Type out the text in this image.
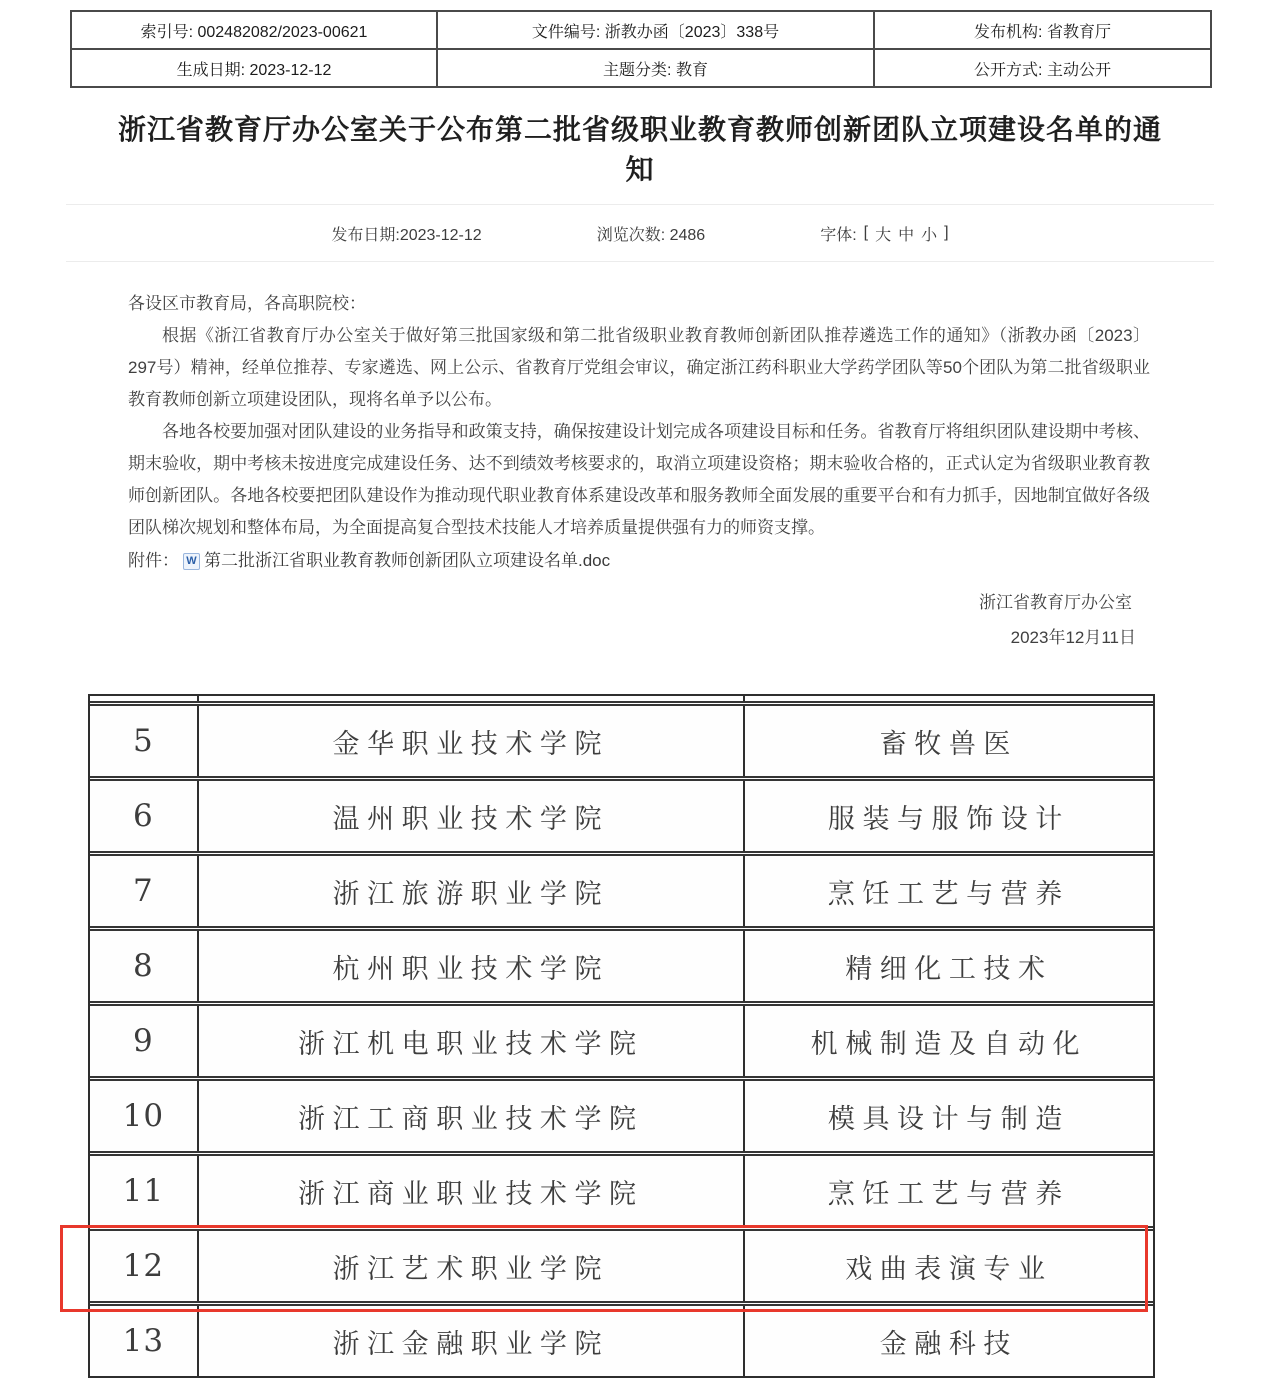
索引号: 002482082/2023-00621	文件编号: 浙教办函〔2023〕338号	发布机构: 省教育厅
生成日期: 2023-12-12	主题分类: 教育	公开方式: 主动公开
浙江省教育厅办公室关于公布第二批省级职业教育教师创新团队立项建设名单的通知
发布日期:2023-12-12	浏览次数: 2486	字体: [ 大 中 小 ]

各设区市教育局，各高职院校：

根据《浙江省教育厅办公室关于做好第三批国家级和第二批省级职业教育教师创新团队推荐遴选工作的通知》（浙教办函〔2023〕297号）精神，经单位推荐、专家遴选、网上公示、省教育厅党组会审议，确定浙江药科职业大学药学团队等50个团队为第二批省级职业教育教师创新立项建设团队，现将名单予以公布。

各地各校要加强对团队建设的业务指导和政策支持，确保按建设计划完成各项建设目标和任务。省教育厅将组织团队建设期中考核、期末验收，期中考核未按进度完成建设任务、达不到绩效考核要求的，取消立项建设资格；期末验收合格的，正式认定为省级职业教育教师创新团队。各地各校要把团队建设作为推动现代职业教育体系建设改革和服务教师全面发展的重要平台和有力抓手，因地制宜做好各级团队梯次规划和整体布局，为全面提高复合型技术技能人才培养质量提供强有力的师资支撑。

附件： W 第二批浙江省职业教育教师创新团队立项建设名单.doc

浙江省教育厅办公室
2023年12月11日
5	金华职业技术学院	畜牧兽医
6	温州职业技术学院	服装与服饰设计
7	浙江旅游职业学院	烹饪工艺与营养
8	杭州职业技术学院	精细化工技术
9	浙江机电职业技术学院	机械制造及自动化
10	浙江工商职业技术学院	模具设计与制造
11	浙江商业职业技术学院	烹饪工艺与营养
12	浙江艺术职业学院	戏曲表演专业
13	浙江金融职业学院	金融科技
